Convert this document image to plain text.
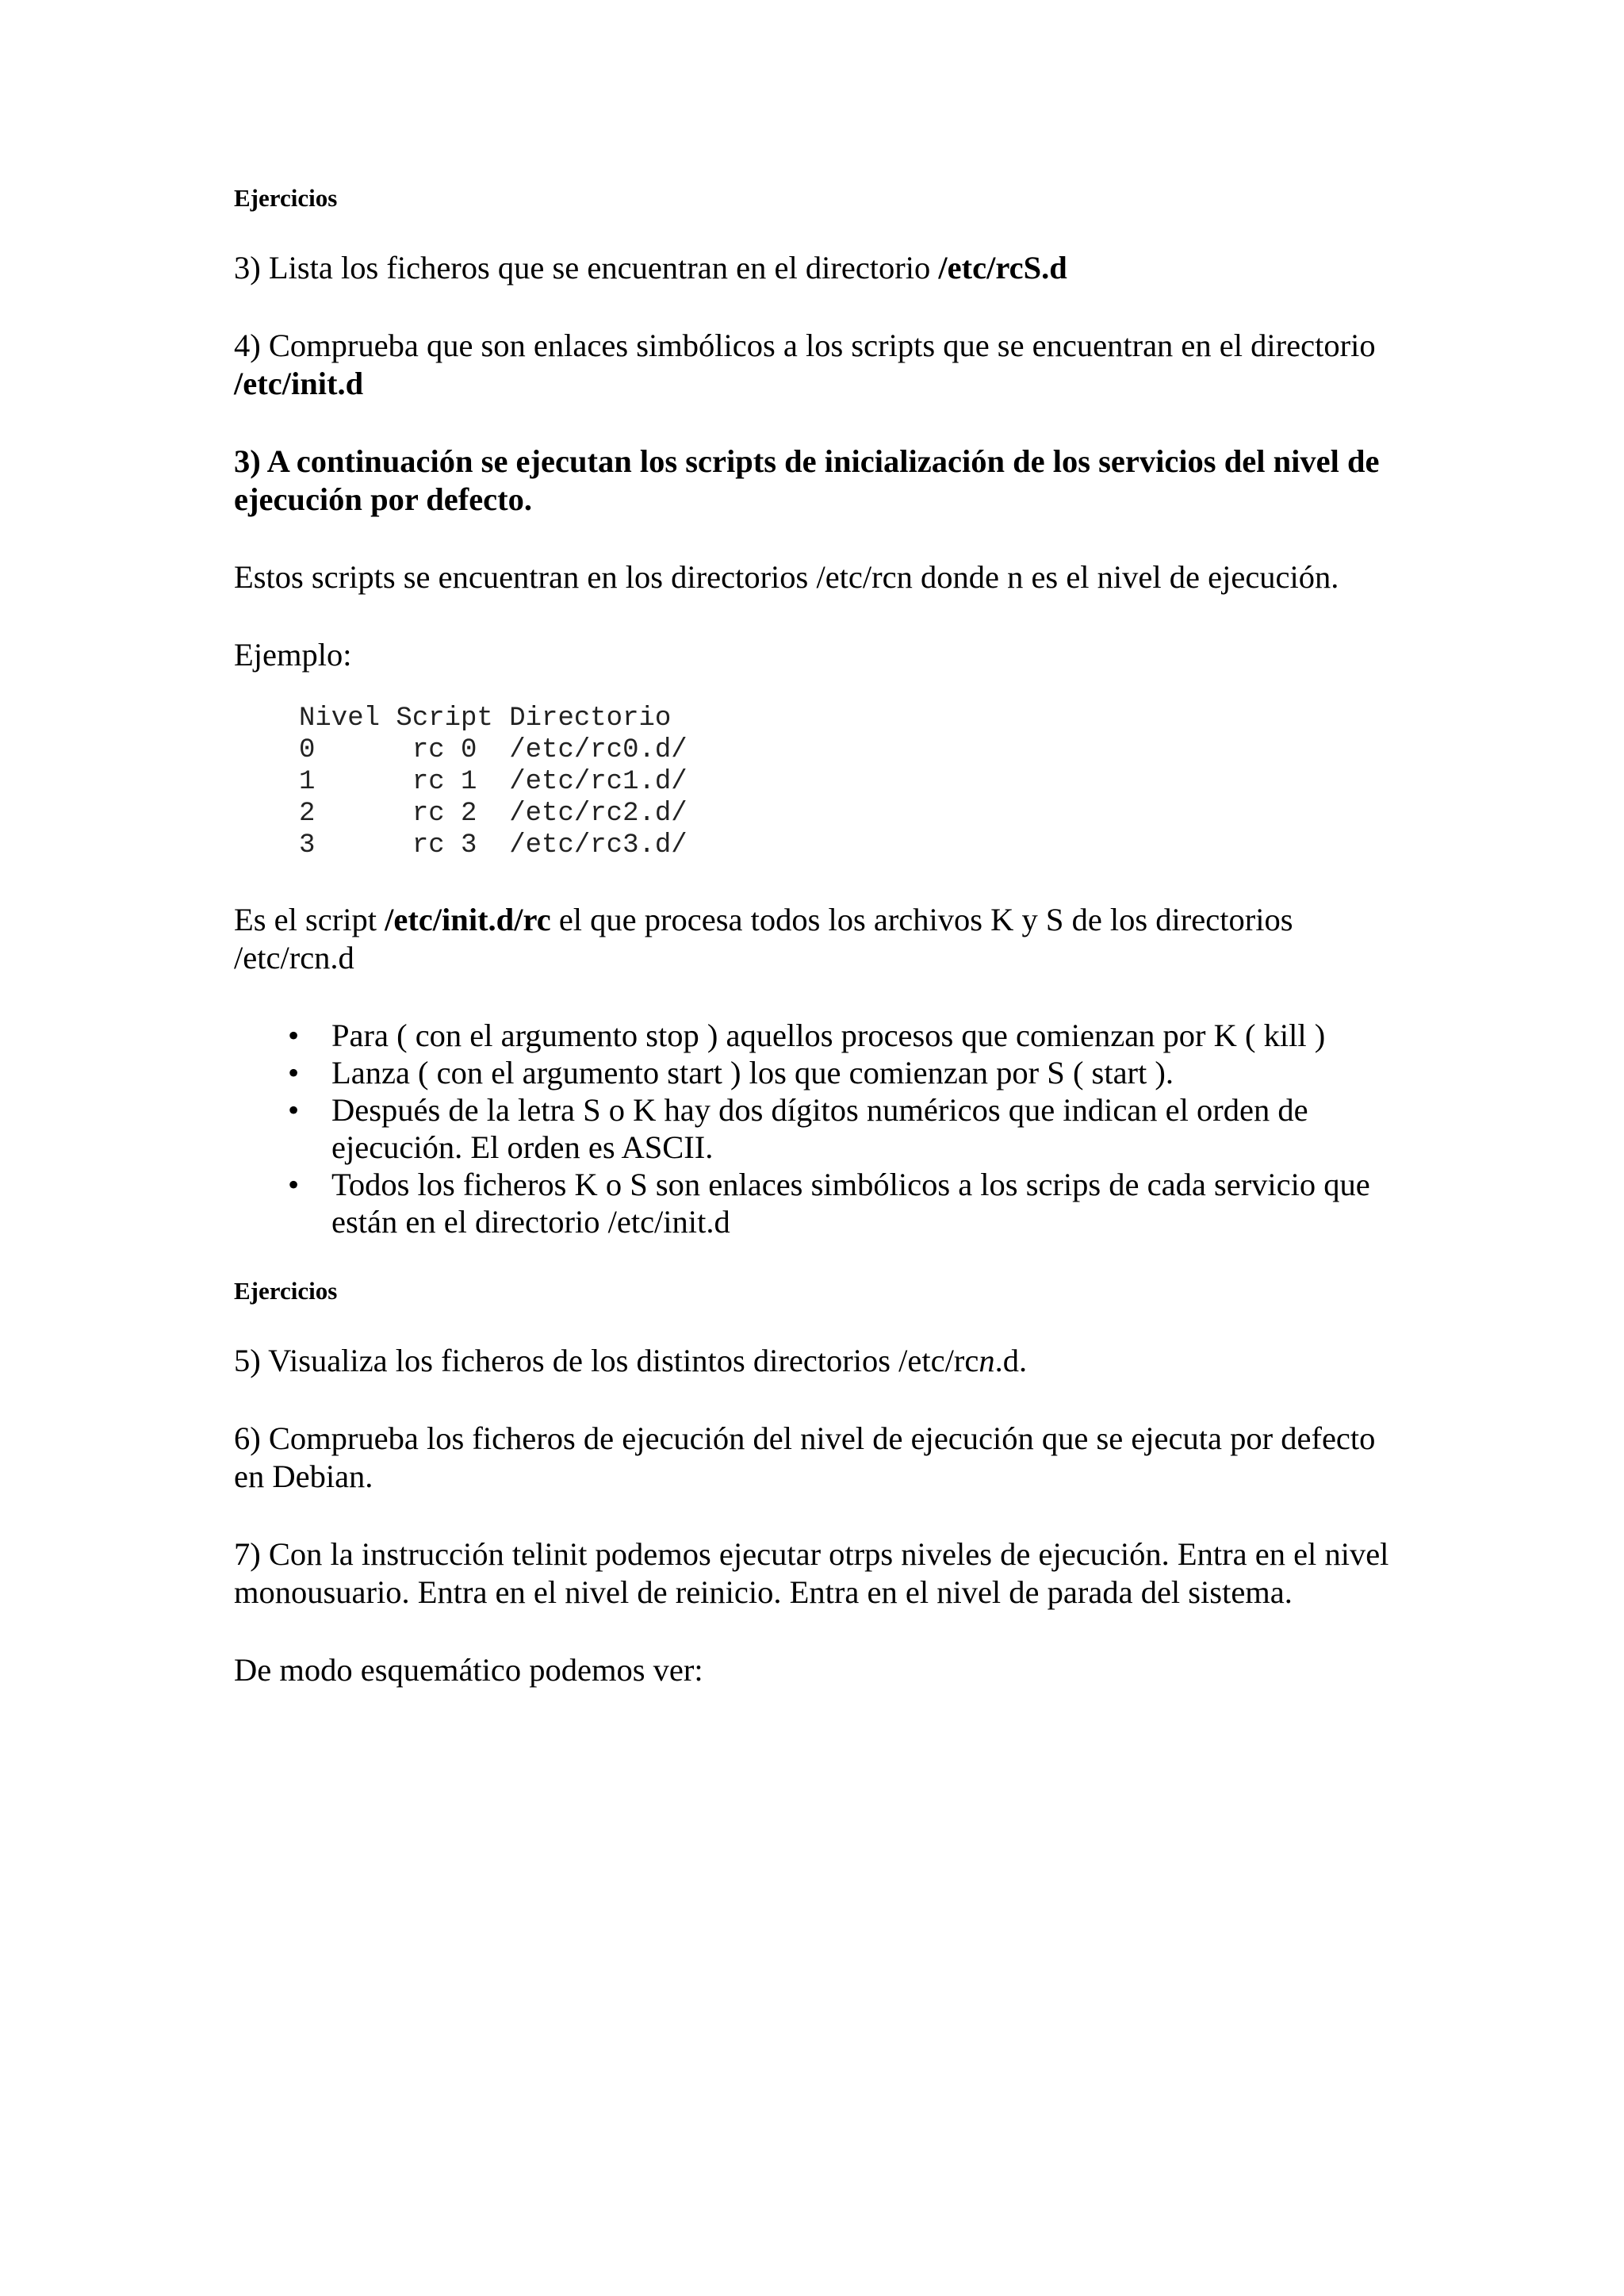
Ejercicios

3) Lista los ficheros que se encuentran en el directorio /etc/rcS.d

4) Comprueba que son enlaces simbólicos a los scripts que se encuentran en el directorio /etc/init.d

3) A continuación se ejecutan los scripts de inicialización de los servicios del nivel de ejecución por defecto.

Estos scripts se encuentran en los directorios /etc/rcn donde n es el nivel de ejecución.

Ejemplo:

Nivel Script Directorio
0      rc 0  /etc/rc0.d/
1      rc 1  /etc/rc1.d/
2      rc 2  /etc/rc2.d/
3      rc 3  /etc/rc3.d/

Es el script /etc/init.d/rc el que procesa todos los archivos K y S de los directorios /etc/rcn.d

• Para ( con el argumento stop ) aquellos procesos que comienzan por K ( kill )
• Lanza ( con el argumento start ) los que comienzan por S ( start ).
• Después de la letra S o K hay dos dígitos numéricos que indican el orden de ejecución. El orden es ASCII.
• Todos los ficheros K o S son enlaces simbólicos a los scrips de cada servicio que están en el directorio /etc/init.d

Ejercicios

5) Visualiza los ficheros de los distintos directorios /etc/rcn.d.

6) Comprueba los ficheros de ejecución del nivel de ejecución que se ejecuta por defecto en Debian.

7) Con la instrucción telinit podemos ejecutar otrps niveles de ejecución. Entra en el nivel monousuario. Entra en el nivel de reinicio. Entra en el nivel de parada del sistema.

De modo esquemático podemos ver:
